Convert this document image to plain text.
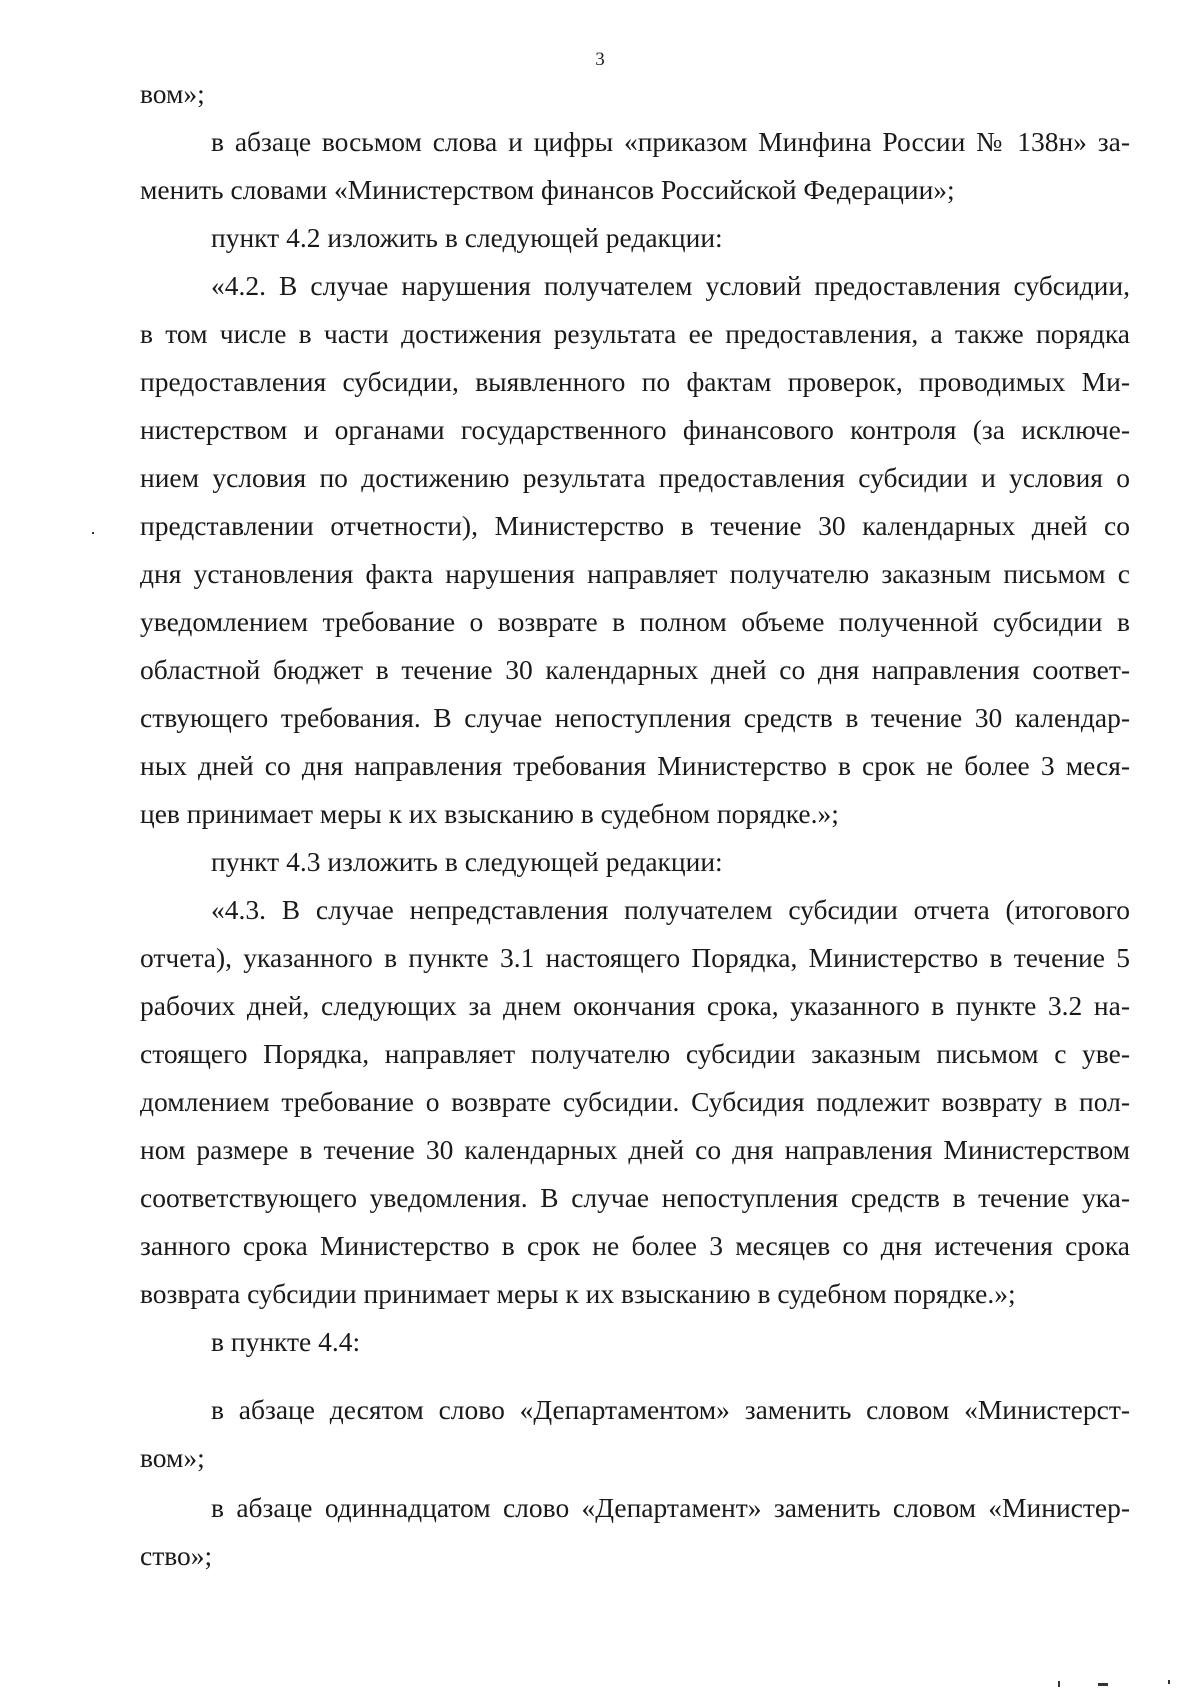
3
вом»;
в абзаце восьмом слова и цифры «приказом Минфина России № 138н» за-
менить словами «Министерством финансов Российской Федерации»;
пункт 4.2 изложить в следующей редакции:
«4.2. В случае нарушения получателем условий предоставления субсидии,
в том числе в части достижения результата ее предоставления, а также порядка
предоставления субсидии, выявленного по фактам проверок, проводимых Ми-
нистерством и органами государственного финансового контроля (за исключе-
нием условия по достижению результата предоставления субсидии и условия о
представлении отчетности), Министерство в течение 30 календарных дней со
дня установления факта нарушения направляет получателю заказным письмом с
уведомлением требование о возврате в полном объеме полученной субсидии в
областной бюджет в течение 30 календарных дней со дня направления соответ-
ствующего требования. В случае непоступления средств в течение 30 календар-
ных дней со дня направления требования Министерство в срок не более 3 меся-
цев принимает меры к их взысканию в судебном порядке.»;
пункт 4.3 изложить в следующей редакции:
«4.3. В случае непредставления получателем субсидии отчета (итогового
отчета), указанного в пункте 3.1 настоящего Порядка, Министерство в течение 5
рабочих дней, следующих за днем окончания срока, указанного в пункте 3.2 на-
стоящего Порядка, направляет получателю субсидии заказным письмом с уве-
домлением требование о возврате субсидии. Субсидия подлежит возврату в пол-
ном размере в течение 30 календарных дней со дня направления Министерством
соответствующего уведомления. В случае непоступления средств в течение ука-
занного срока Министерство в срок не более 3 месяцев со дня истечения срока
возврата субсидии принимает меры к их взысканию в судебном порядке.»;
в пункте 4.4:
в абзаце десятом слово «Департаментом» заменить словом «Министерст-
вом»;
в абзаце одиннадцатом слово «Департамент» заменить словом «Министер-
ство»;
